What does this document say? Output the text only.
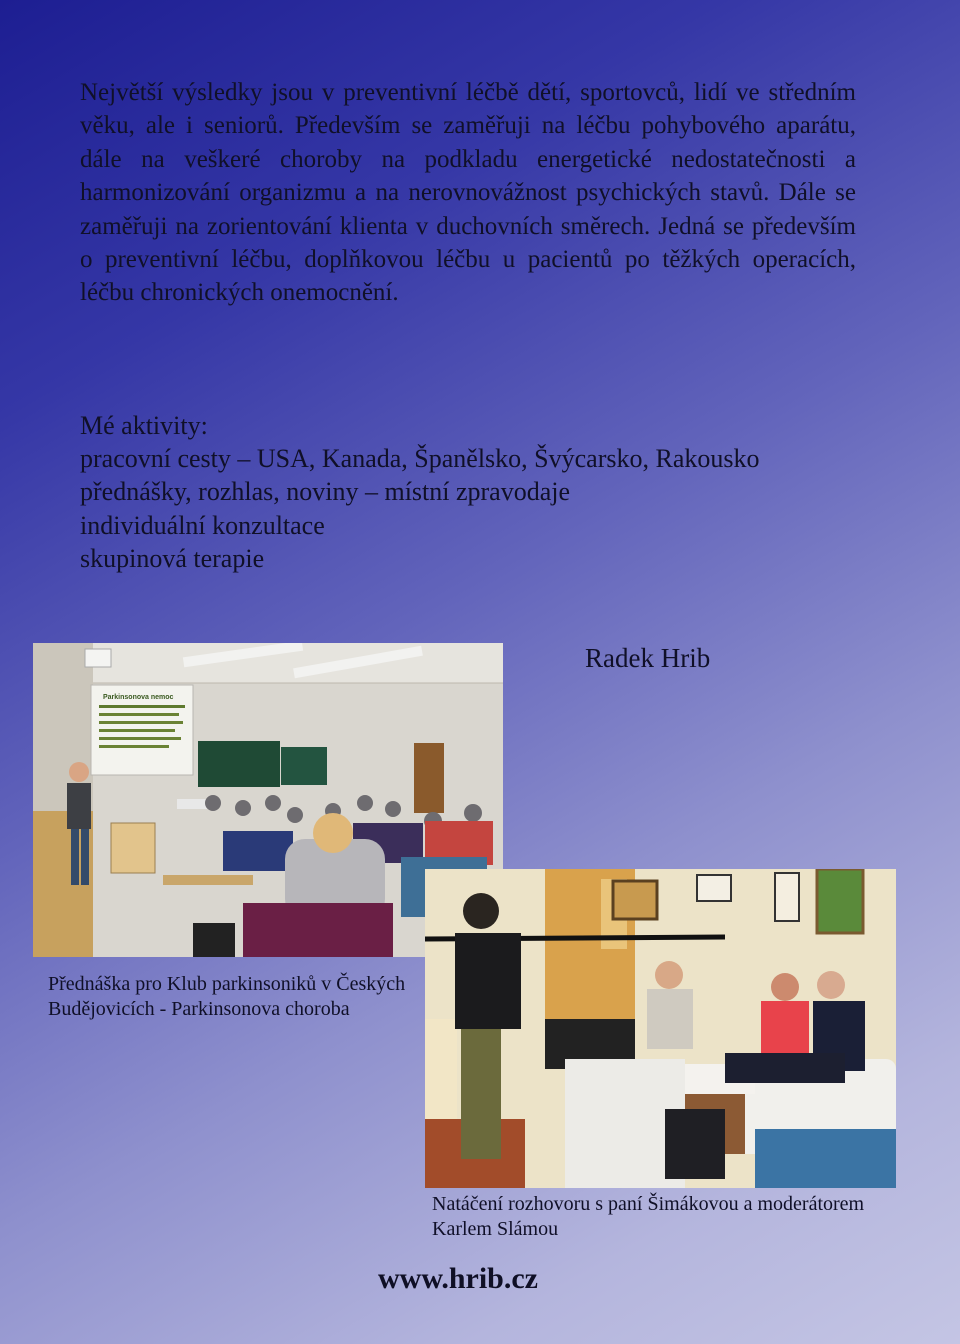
Největší výsledky jsou v preventivní léčbě dětí, sportovců, lidí ve středním věku, ale i seniorů. Především se zaměřuji na léčbu pohybového aparátu, dále na veškeré choroby na podkladu energetické nedostatečnosti a harmonizování organizmu a na nerovnovážnost psychických stavů. Dále se zaměřuji na zorientování klienta v duchovních směrech. Jedná se především o preventivní léčbu, doplňkovou léčbu u pacientů po těžkých operacích, léčbu chronických onemocnění.

Mé aktivity:

pracovní cesty – USA, Kanada, Španělsko, Švýcarsko, Rakousko
přednášky, rozhlas, noviny – místní zpravodaje
individuální konzultace
skupinová terapie
Parkinsonova nemoc

Radek Hrib

Přednáška pro Klub parkinsoniků v Českých Budějovicích - Parkinsonova choroba

Natáčení rozhovoru s paní Šimákovou a moderátorem Karlem Slámou

www.hrib.cz
